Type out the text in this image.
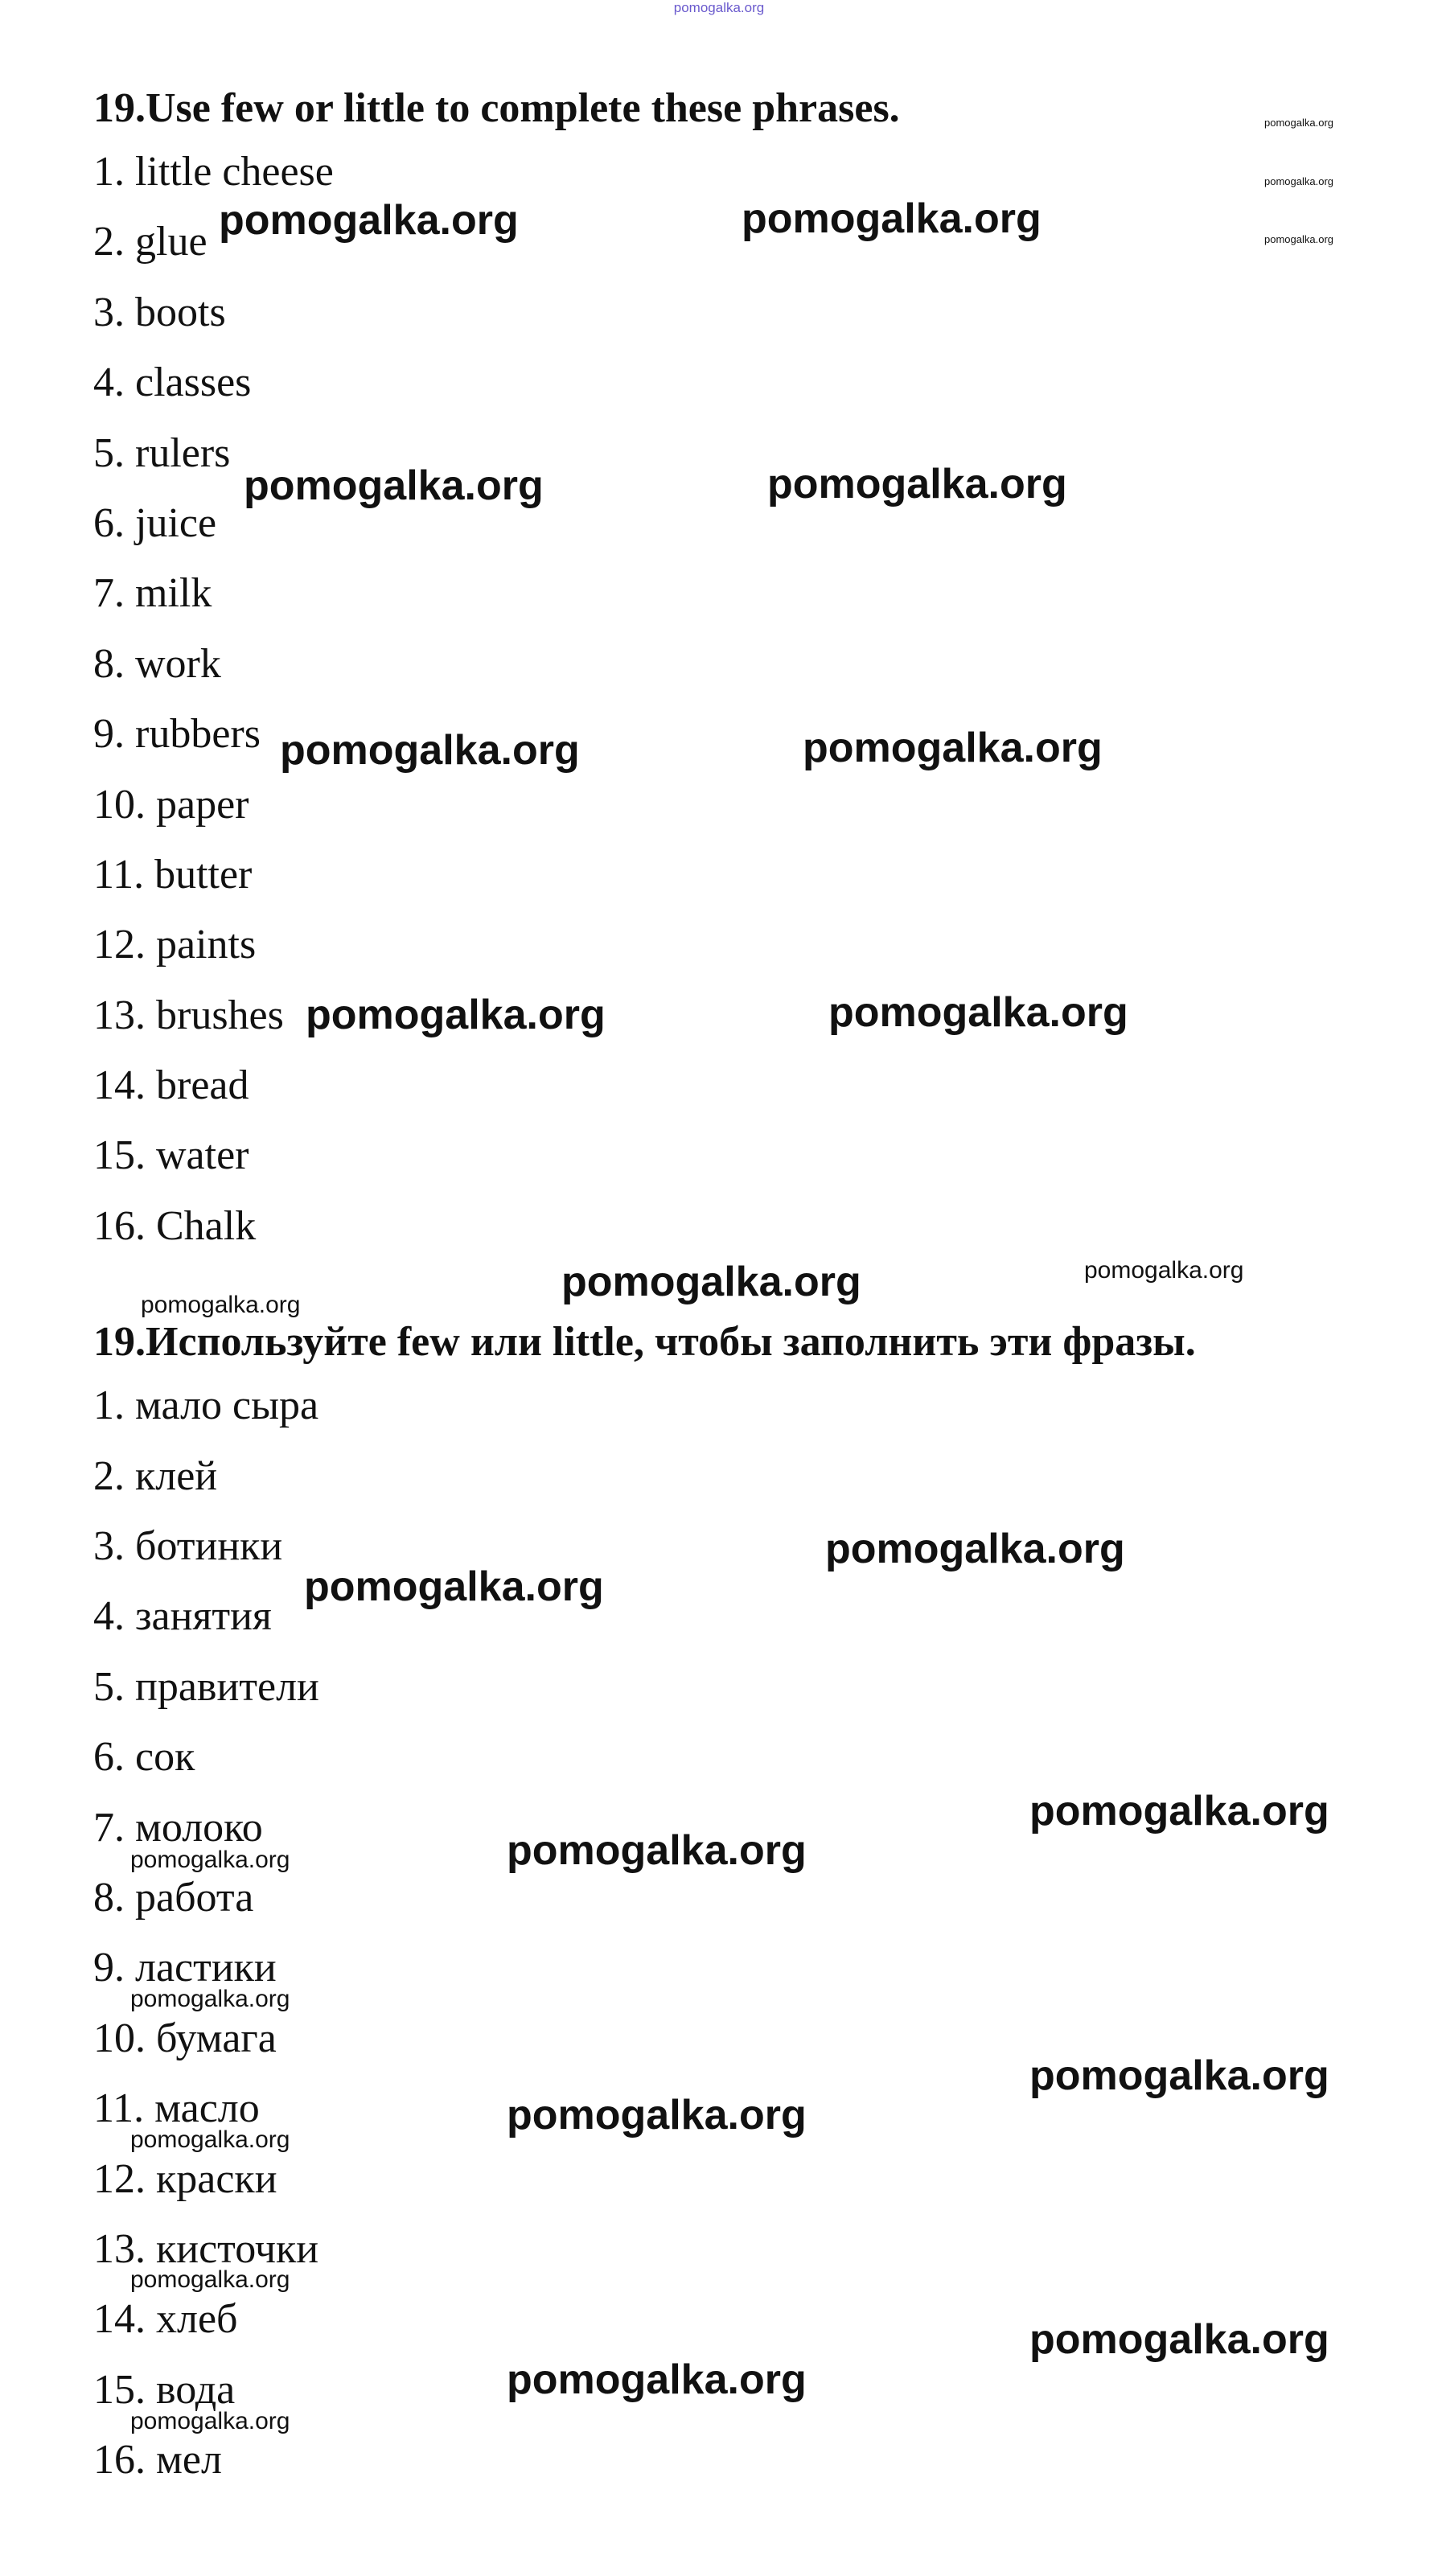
pomogalka.org
19.Use few or little to complete these phrases.
1. little cheese
2. glue
3. boots
4. classes
5. rulers
6. juice
7. milk
8. work
9. rubbers
10. paper
11. butter
12. paints
13. brushes
14. bread
15. water
16. Chalk
19.Используйте few или little, чтобы заполнить эти фразы.
1. мало сыра
2. клей
3. ботинки
4. занятия
5. правители
6. сок
7. молоко
8. работа
9. ластики
10. бумага
11. масло
12. краски
13. кисточки
14. хлеб
15. вода
16. мел
pomogalka.org
pomogalka.org
pomogalka.org
pomogalka.org	pomogalka.org
pomogalka.org	pomogalka.org
pomogalka.org	pomogalka.org
pomogalka.org	pomogalka.org
pomogalka.org	pomogalka.org	pomogalka.org
pomogalka.org
pomogalka.org
pomogalka.org
pomogalka.org
pomogalka.org
pomogalka.org
pomogalka.org
pomogalka.org
pomogalka.org
pomogalka.org
pomogalka.org
pomogalka.org
pomogalka.org
